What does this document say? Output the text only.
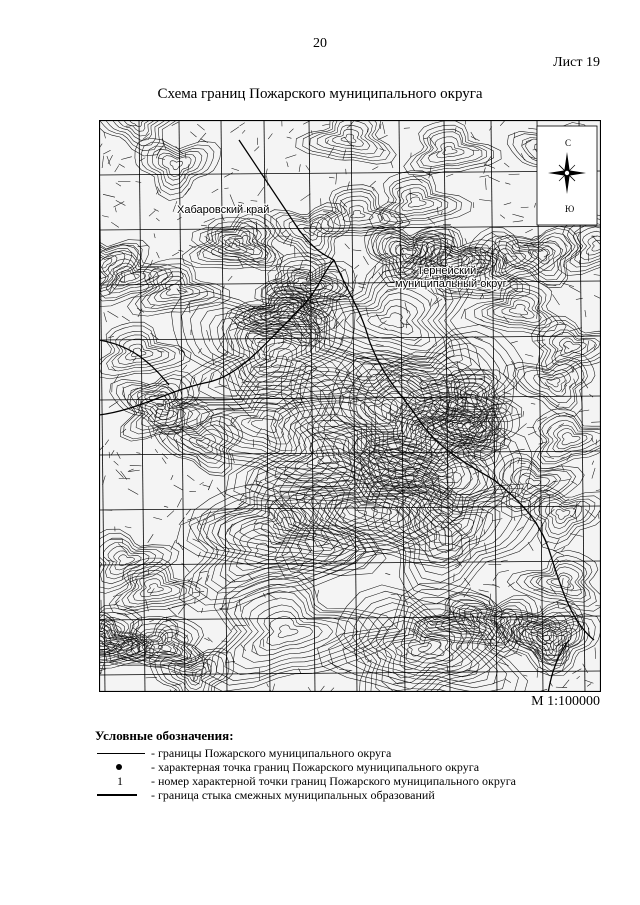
20
Лист 19
Схема границ Пожарского муниципального округа
Хабаровский край
Тернейский
муниципальный округ
С
Ю
М 1:100000
Условные обозначения:
- границы Пожарского муниципального округа
- характерная точка границ Пожарского муниципального округа
1	- номер характерной точки границ Пожарского муниципального округа
- граница стыка смежных муниципальных образований
